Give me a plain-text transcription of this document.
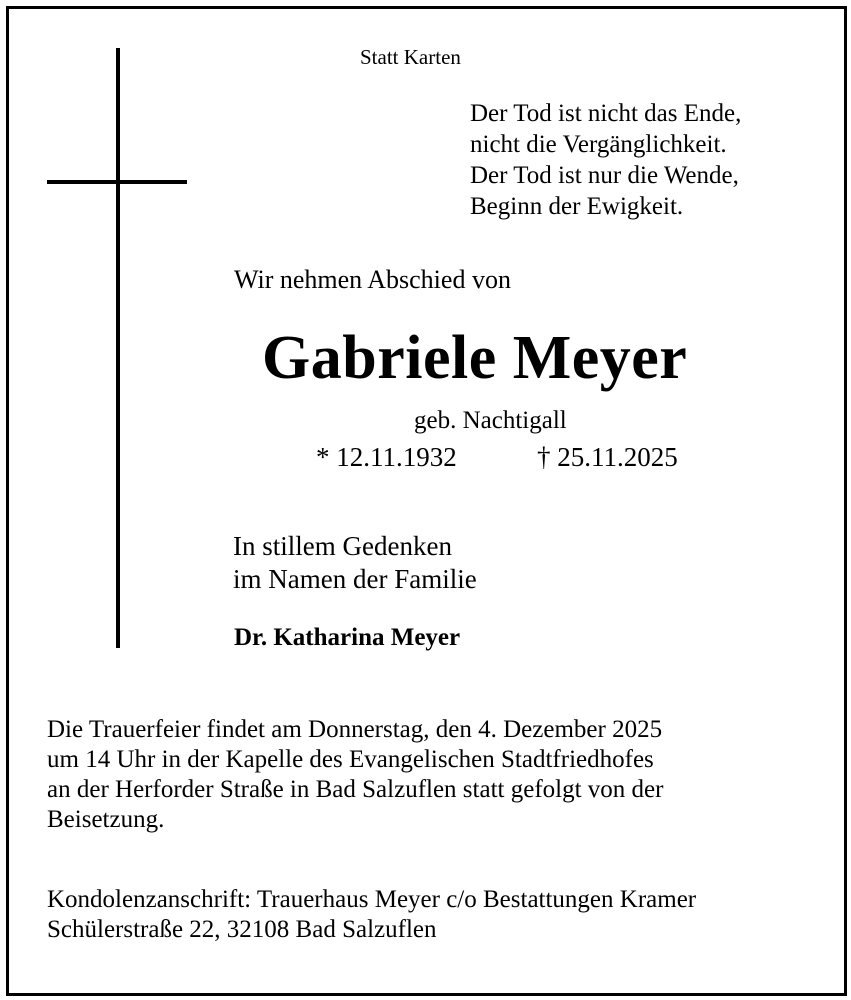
Statt Karten

Der Tod ist nicht das Ende,
nicht die Vergänglichkeit.
Der Tod ist nur die Wende,
Beginn der Ewigkeit.

Wir nehmen Abschied von

Gabriele Meyer

geb. Nachtigall

* 12.11.1932	† 25.11.2025

In stillem Gedenken
im Namen der Familie

Dr. Katharina Meyer

Die Trauerfeier findet am Donnerstag, den 4. Dezember 2025
um 14 Uhr in der Kapelle des Evangelischen Stadtfriedhofes
an der Herforder Straße in Bad Salzuflen statt gefolgt von der
Beisetzung.
Kondolenzanschrift: Trauerhaus Meyer c/o Bestattungen Kramer
Schülerstraße 22, 32108 Bad Salzuflen
